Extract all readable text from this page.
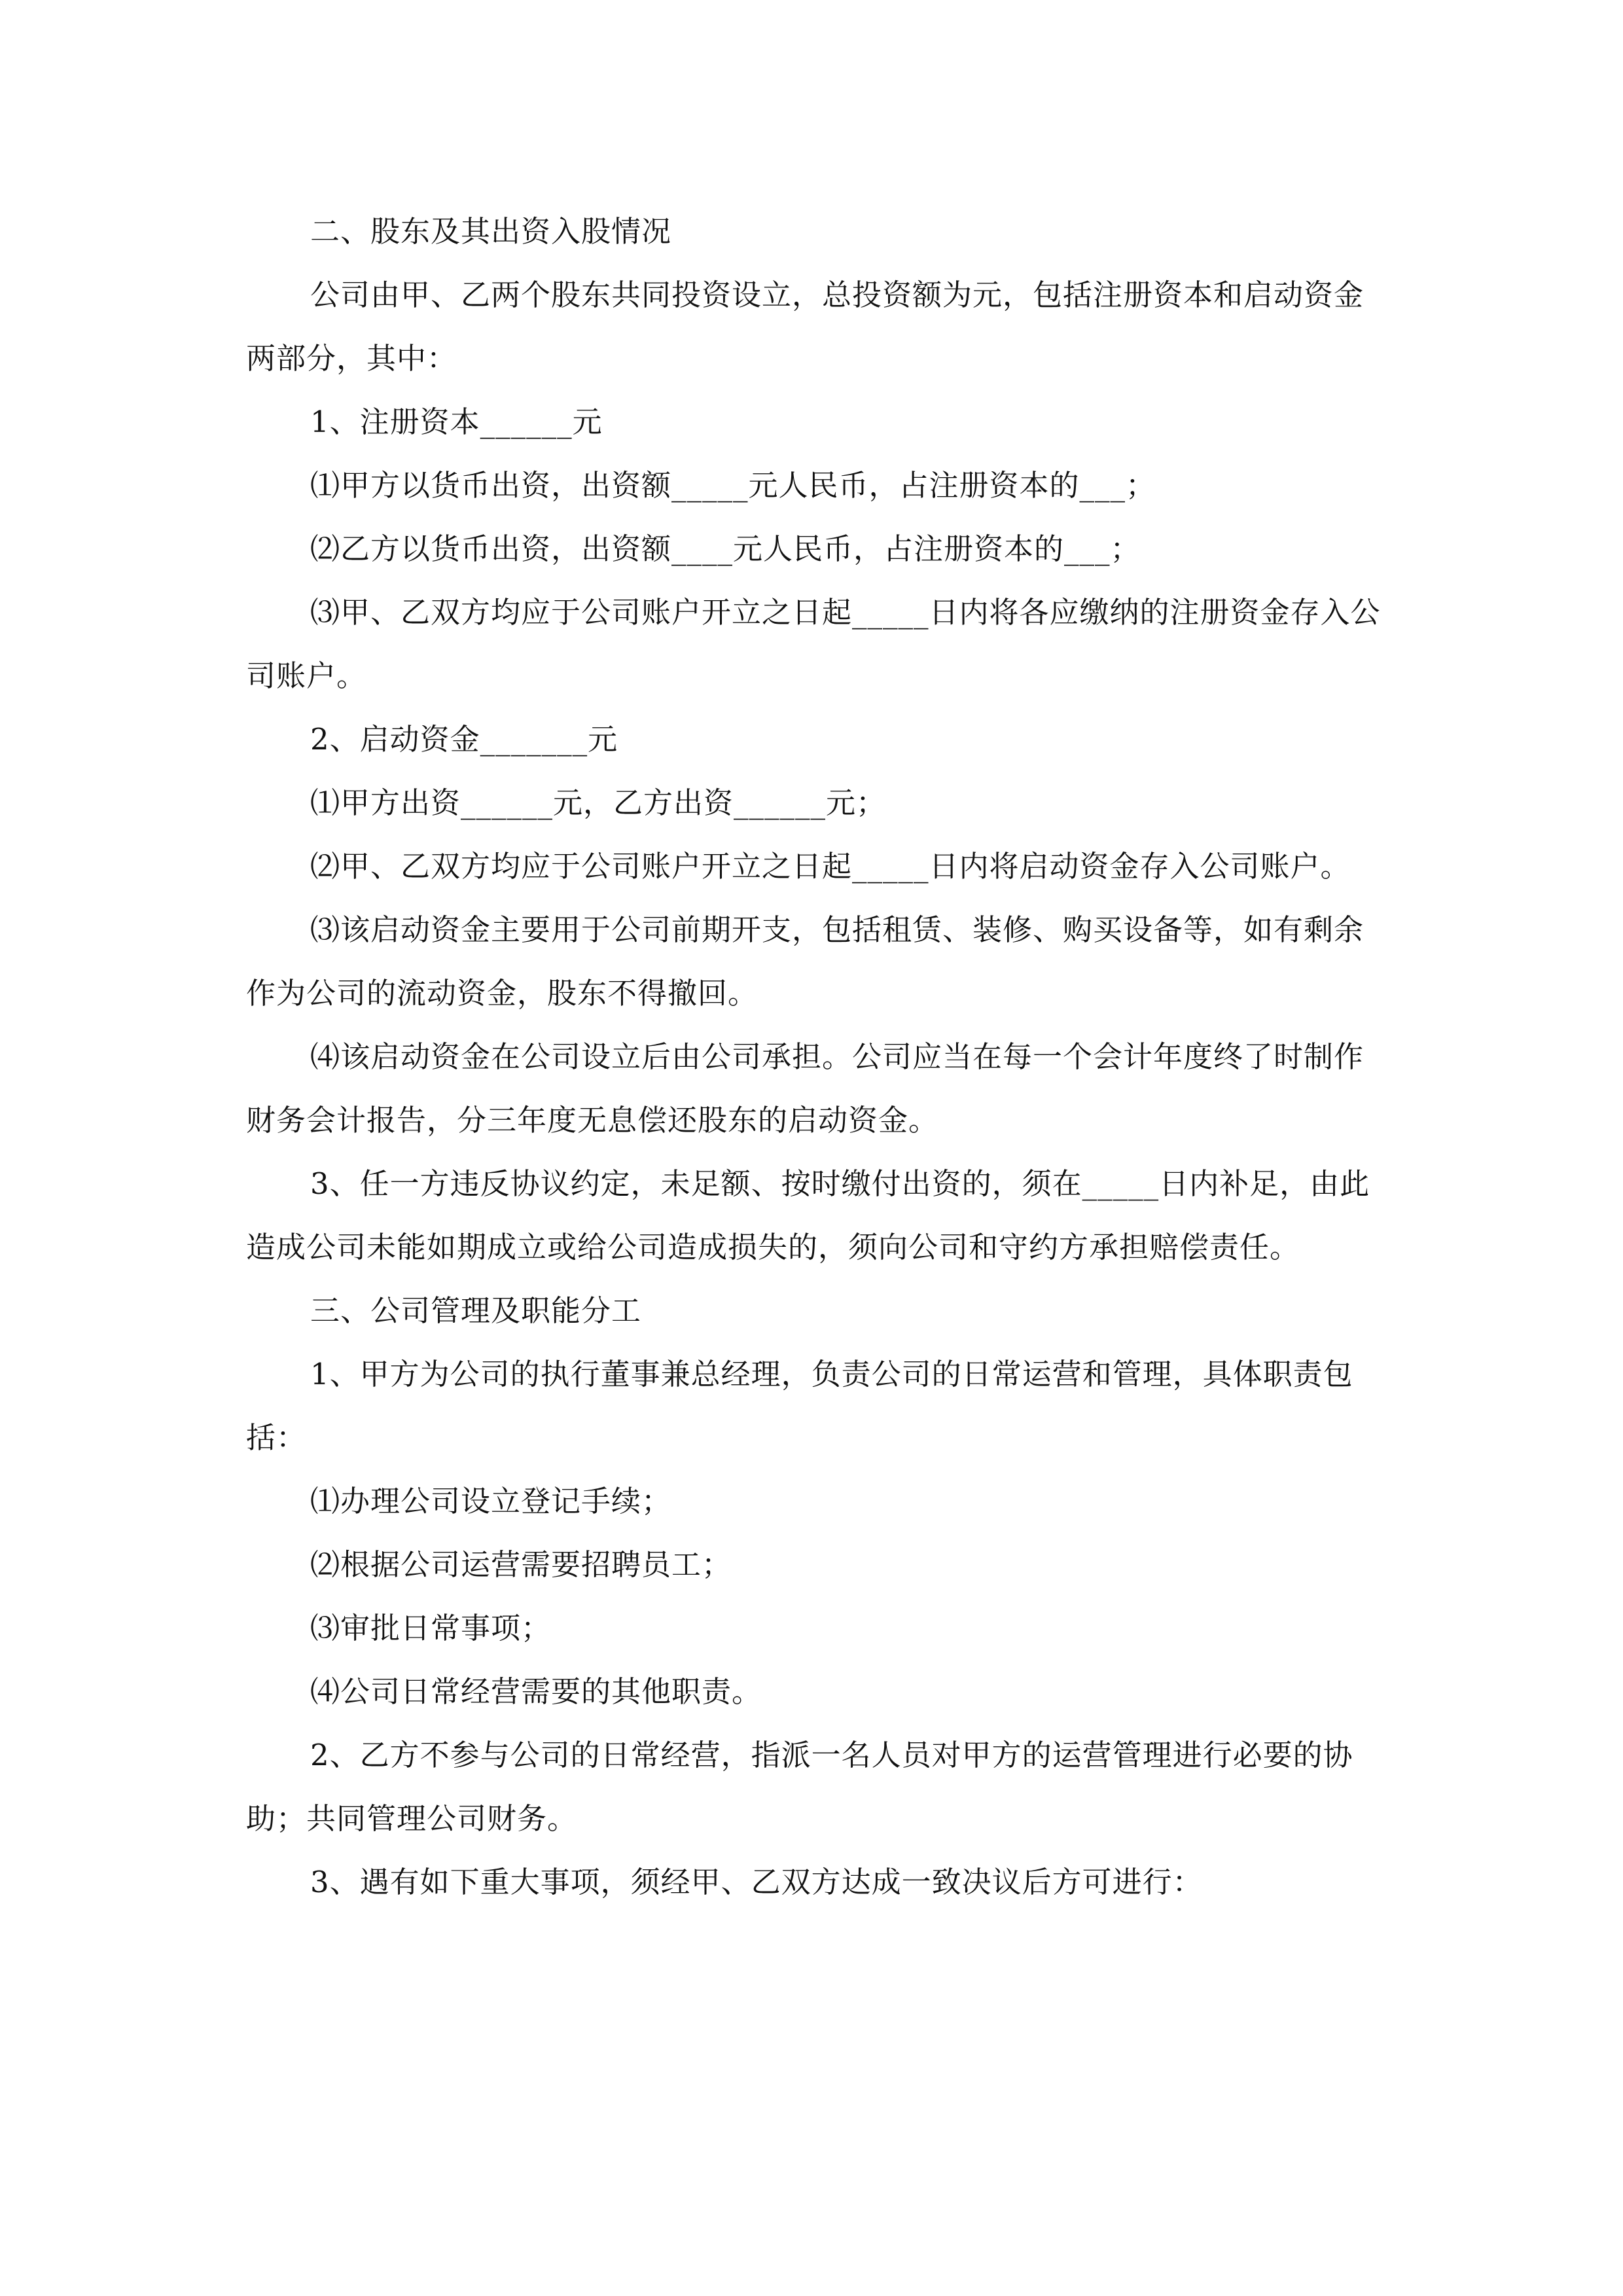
二、股东及其出资入股情况

公司由甲、乙两个股东共同投资设立，总投资额为元，包括注册资本和启动资金两部分，其中：

1、注册资本______元

⑴甲方以货币出资，出资额_____元人民币，占注册资本的___；

⑵乙方以货币出资，出资额____元人民币，占注册资本的___；

⑶甲、乙双方均应于公司账户开立之日起_____日内将各应缴纳的注册资金存入公司账户。

2、启动资金_______元

⑴甲方出资______元，乙方出资______元；

⑵甲、乙双方均应于公司账户开立之日起_____日内将启动资金存入公司账户。

⑶该启动资金主要用于公司前期开支，包括租赁、装修、购买设备等，如有剩余作为公司的流动资金，股东不得撤回。

⑷该启动资金在公司设立后由公司承担。公司应当在每一个会计年度终了时制作财务会计报告，分三年度无息偿还股东的启动资金。

3、任一方违反协议约定，未足额、按时缴付出资的，须在_____日内补足，由此造成公司未能如期成立或给公司造成损失的，须向公司和守约方承担赔偿责任。

三、公司管理及职能分工

1、甲方为公司的执行董事兼总经理，负责公司的日常运营和管理，具体职责包括：

⑴办理公司设立登记手续；

⑵根据公司运营需要招聘员工；

⑶审批日常事项；

⑷公司日常经营需要的其他职责。

2、乙方不参与公司的日常经营，指派一名人员对甲方的运营管理进行必要的协助；共同管理公司财务。

3、遇有如下重大事项，须经甲、乙双方达成一致决议后方可进行：
